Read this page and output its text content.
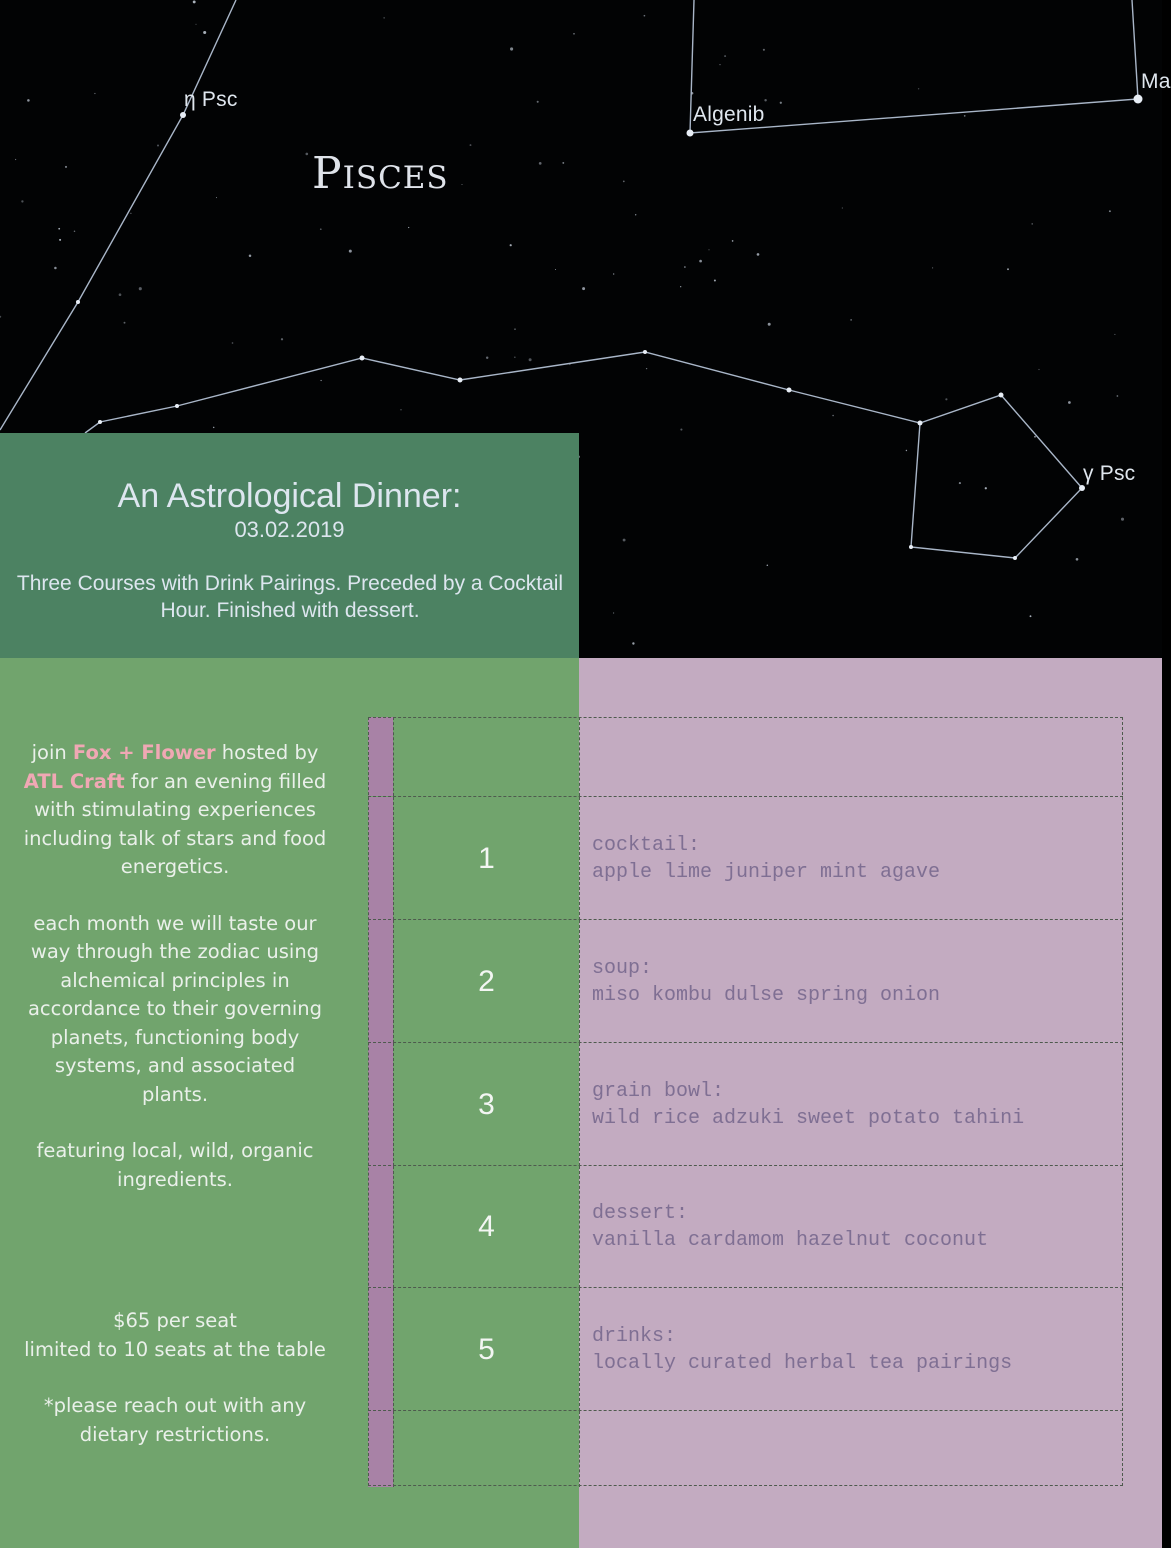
η Psc
Algenib
Ma
γ Psc
Pisces
An Astrological Dinner:
03.02.2019
Three Courses with Drink Pairings. Preceded by a Cocktail Hour. Finished with dessert.
join Fox + Flower hosted by ATL Craft for an evening filled with stimulating experiences including talk of stars and food energetics.
each month we will taste our way through the zodiac using alchemical principles in accordance to their governing planets, functioning body systems, and associated plants.
featuring local, wild, organic ingredients.
$65 per seat
limited to 10 seats at the table
*please reach out with any dietary restrictions.
1	cocktail:
apple lime juniper mint agave
2	soup:
miso kombu dulse spring onion
3	grain bowl:
wild rice adzuki sweet potato tahini
4	dessert:
vanilla cardamom hazelnut coconut
5	drinks:
locally curated herbal tea pairings
